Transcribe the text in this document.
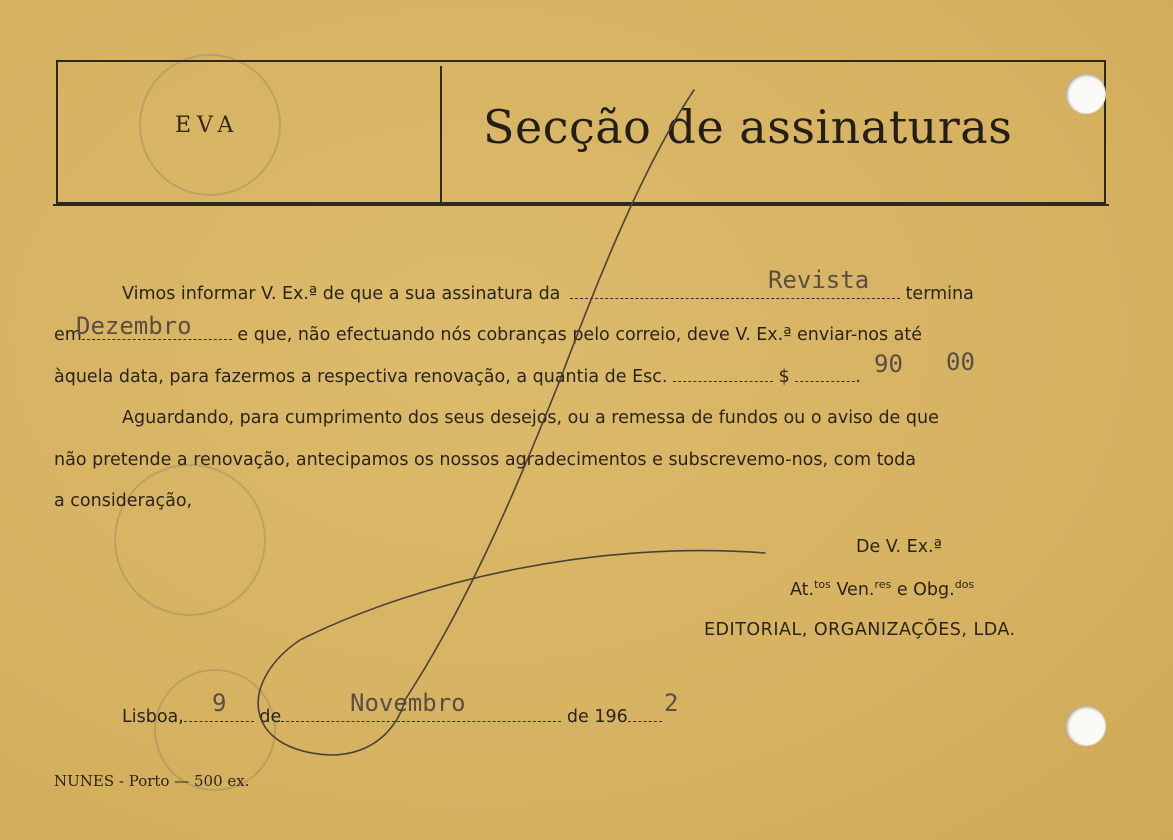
EVA	Secção de assinaturas
Vimos informar V. Ex.ª de que a sua assinatura da	termina
Revista
em	e que, não efectuando nós cobranças pelo correio, deve V. Ex.ª enviar-nos até
Dezembro
àquela data, para fazermos a respectiva renovação, a quantia de Esc.	$	. 90 00
Aguardando, para cumprimento dos seus desejos, ou a remessa de fundos ou o aviso de que
não pretende a renovação, antecipamos os nossos agradecimentos e subscrevemo-nos, com toda
a consideração,
De V. Ex.ª
At.$^{tos}$ Ven.$^{res}$ e Obg.$^{dos}$
EDITORIAL, ORGANIZAÇÕES, LDA.
Lisboa,	de	de 196
9	Novembro	2
NUNES - Porto — 500 ex.
